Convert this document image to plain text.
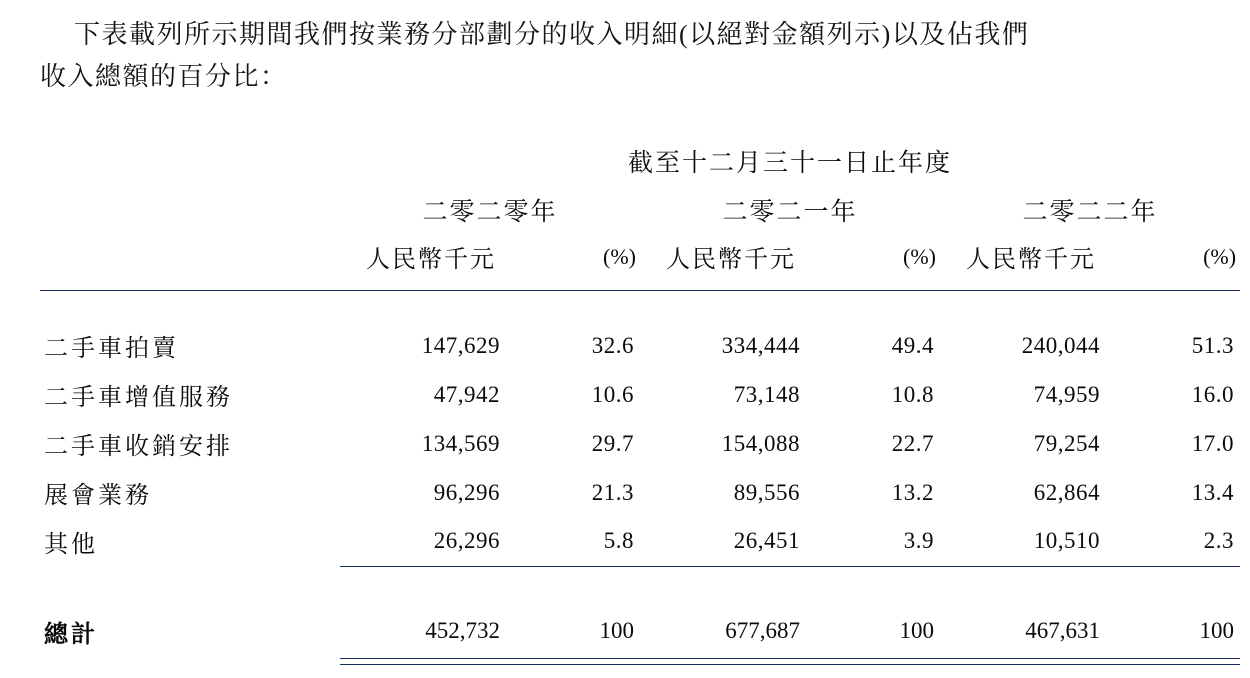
下表載列所示期間我們按業務分部劃分的收入明細(以絕對金額列示)以及佔我們
收入總額的百分比：
	截至十二月三十一日止年度					
	二零二零年		二零二一年		二零二二年	
	人民幣千元	(%)	人民幣千元	(%)	人民幣千元	(%)

二手車拍賣	147,629	32.6	334,444	49.4	240,044	51.3
二手車增值服務	47,942	10.6	73,148	10.8	74,959	16.0
二手車收銷安排	134,569	29.7	154,088	22.7	79,254	17.0
展會業務	96,296	21.3	89,556	13.2	62,864	13.4
其他	26,296	5.8	26,451	3.9	10,510	2.3

總計	452,732	100	677,687	100	467,631	100
